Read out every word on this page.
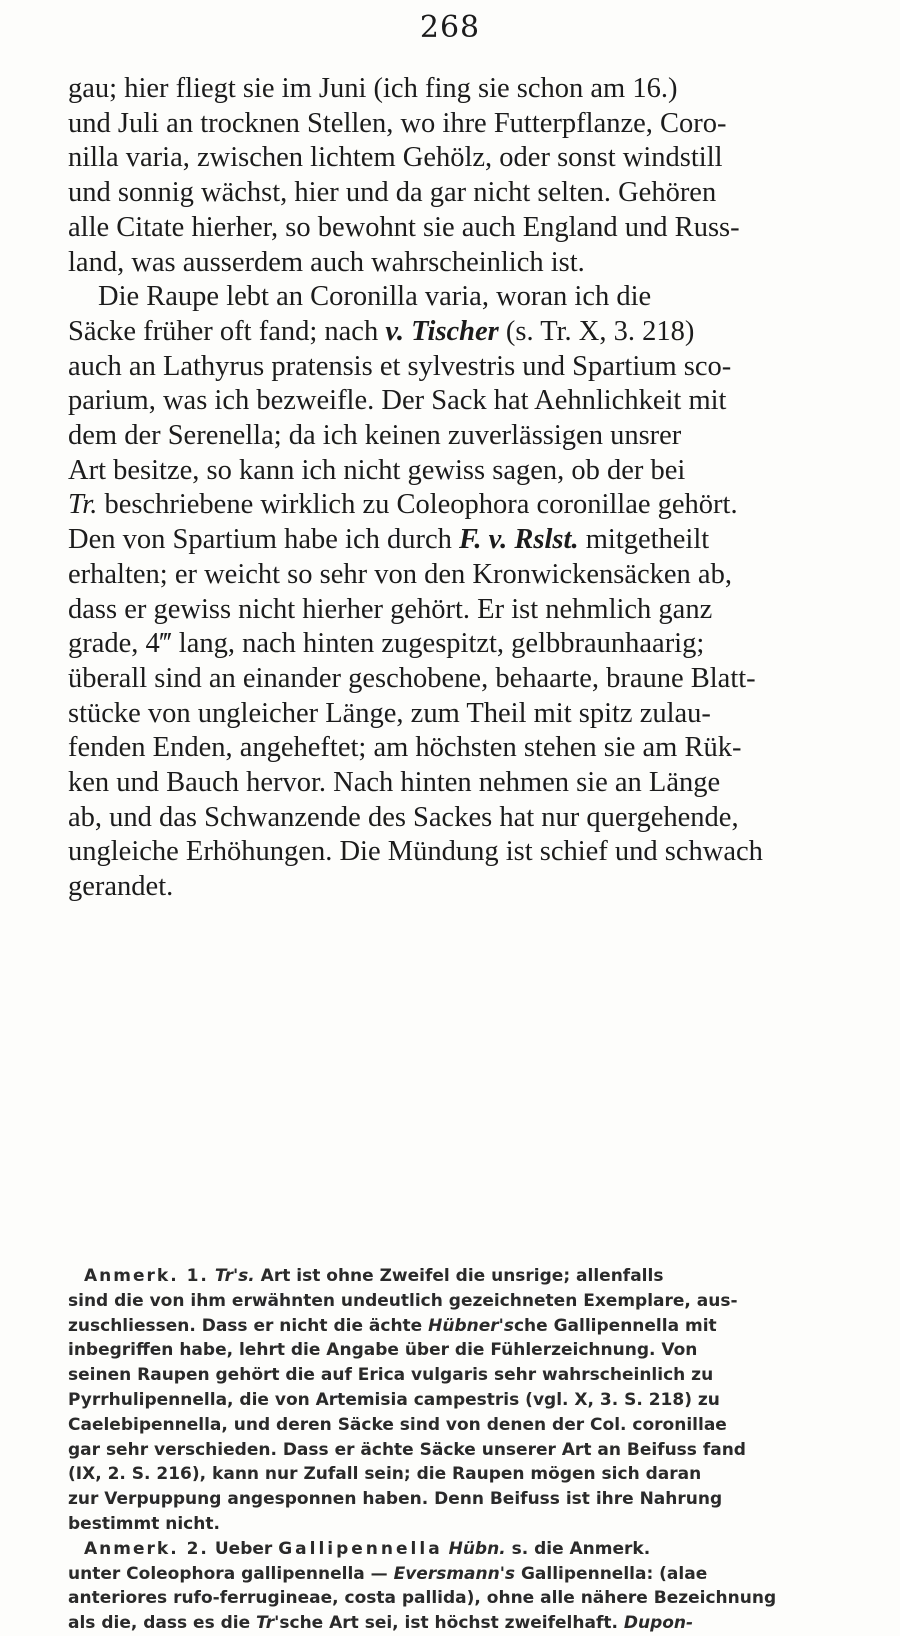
268
gau; hier fliegt sie im Juni (ich fing sie schon am 16.)
und Juli an trocknen Stellen, wo ihre Futterpflanze, Coro-
nilla varia, zwischen lichtem Gehölz, oder sonst windstill
und sonnig wächst, hier und da gar nicht selten. Gehören
alle Citate hierher, so bewohnt sie auch England und Russ-
land, was ausserdem auch wahrscheinlich ist.
Die Raupe lebt an Coronilla varia, woran ich die
Säcke früher oft fand; nach v. Tischer (s. Tr. X, 3. 218)
auch an Lathyrus pratensis et sylvestris und Spartium sco-
parium, was ich bezweifle. Der Sack hat Aehnlichkeit mit
dem der Serenella; da ich keinen zuverlässigen unsrer
Art besitze, so kann ich nicht gewiss sagen, ob der bei
Tr. beschriebene wirklich zu Coleophora coronillae gehört.
Den von Spartium habe ich durch F. v. Rslst. mitgetheilt
erhalten; er weicht so sehr von den Kronwickensäcken ab,
dass er gewiss nicht hierher gehört. Er ist nehmlich ganz
grade, 4‴ lang, nach hinten zugespitzt, gelbbraunhaarig;
überall sind an einander geschobene, behaarte, braune Blatt-
stücke von ungleicher Länge, zum Theil mit spitz zulau-
fenden Enden, angeheftet; am höchsten stehen sie am Rük-
ken und Bauch hervor. Nach hinten nehmen sie an Länge
ab, und das Schwanzende des Sackes hat nur quergehende,
ungleiche Erhöhungen. Die Mündung ist schief und schwach
gerandet.
Anmerk. 1. Tr's. Art ist ohne Zweifel die unsrige; allenfalls
sind die von ihm erwähnten undeutlich gezeichneten Exemplare, aus-
zuschliessen. Dass er nicht die ächte Hübner'sche Gallipennella mit
inbegriffen habe, lehrt die Angabe über die Fühlerzeichnung. Von
seinen Raupen gehört die auf Erica vulgaris sehr wahrscheinlich zu
Pyrrhulipennella, die von Artemisia campestris (vgl. X, 3. S. 218) zu
Caelebipennella, und deren Säcke sind von denen der Col. coronillae
gar sehr verschieden. Dass er ächte Säcke unserer Art an Beifuss fand
(IX, 2. S. 216), kann nur Zufall sein; die Raupen mögen sich daran
zur Verpuppung angesponnen haben. Denn Beifuss ist ihre Nahrung
bestimmt nicht.
Anmerk. 2. Ueber Gallipennella Hübn. s. die Anmerk.
unter Coleophora gallipennella — Eversmann's Gallipennella: (alae
anteriores rufo-ferrugineae, costa pallida), ohne alle nähere Bezeichnung
als die, dass es die Tr'sche Art sei, ist höchst zweifelhaft. Dupon-
